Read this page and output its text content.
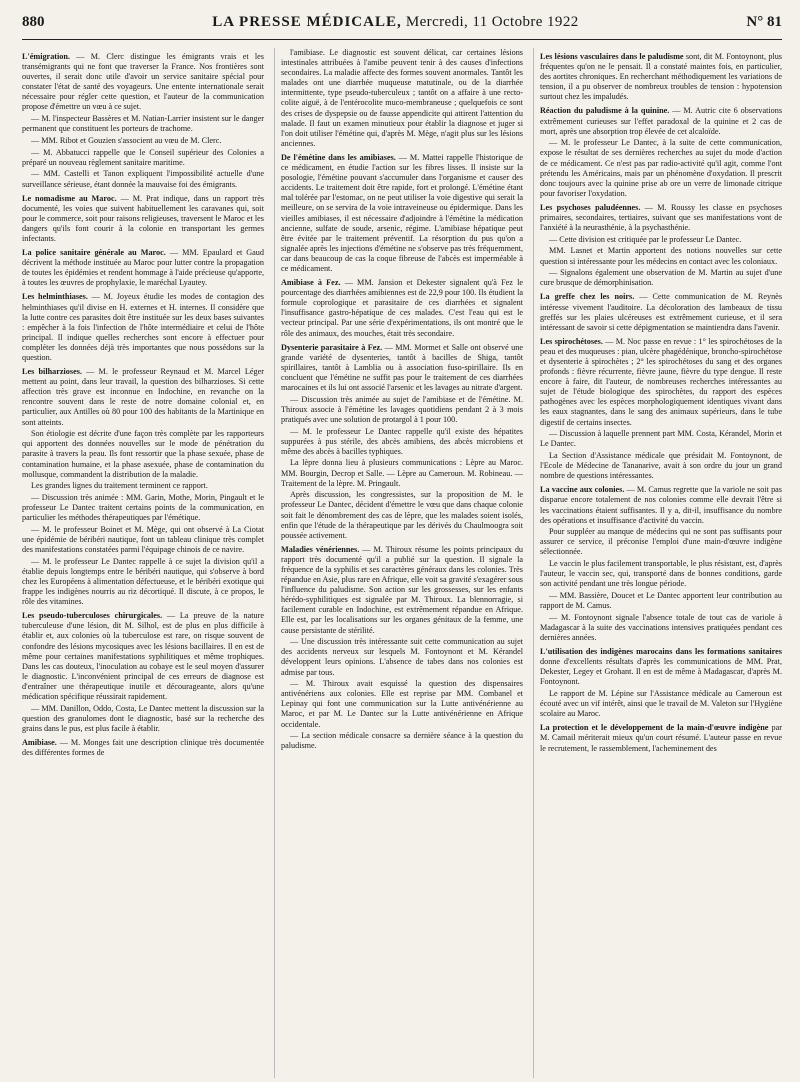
880	LA PRESSE MÉDICALE, Mercredi, 11 Octobre 1922	N° 81

L'émigration. — M. Clerc distingue les émigrants vrais et les transémigrants qui ne font que traverser la France. Nos frontières sont ouvertes, il serait donc utile d'avoir un service sanitaire spécial pour constater l'état de santé des voyageurs. Une entente internationale serait nécessaire pour régler cette question, et l'auteur de la communication propose d'émettre un vœu à ce sujet.

— M. l'inspecteur Bassères et M. Natian-Larrier insistent sur le danger permanent que constituent les porteurs de trachome.

— MM. Ribot et Gouzien s'associent au vœu de M. Clerc.

— M. Abbatucci rappelle que le Conseil supérieur des Colonies a préparé un nouveau règlement sanitaire maritime.

— MM. Castelli et Tanon expliquent l'impossibilité actuelle d'une surveillance sérieuse, étant donnée la mauvaise foi des émigrants.

Le nomadisme au Maroc. — M. Prat indique, dans un rapport très documenté, les voies que suivent habituellement les caravanes qui, soit pour le commerce, soit pour raisons religieuses, traversent le Maroc et les dangers qu'ils font courir à la colonie en transportant les germes infectants.

La police sanitaire générale au Maroc. — MM. Epaulard et Gaud décrivent la méthode instituée au Maroc pour lutter contre la propagation de toutes les épidémies et rendent hommage à l'aide précieuse qu'apporte, à toutes les œuvres de prophylaxie, le maréchal Lyautey.

Les helminthiases. — M. Joyeux étudie les modes de contagion des helminthiases qu'il divise en H. externes et H. internes. Il considère que la lutte contre ces parasites doit être instituée sur les deux bases suivantes : empêcher à la fois l'infection de l'hôte intermédiaire et celui de l'hôte principal. Il indique quelles recherches sont encore à effectuer pour compléter les données déjà très importantes que nous possédons sur la question.

Les bilharzioses. — M. le professeur Reynaud et M. Marcel Léger mettent au point, dans leur travail, la question des bilharzioses. Si cette affection très grave est inconnue en Indochine, en revanche on la rencontre souvent dans le reste de notre domaine colonial et, en particulier, aux Antilles où 80 pour 100 des habitants de la Martinique en sont atteints.

Son étiologie est décrite d'une façon très complète par les rapporteurs qui apportent des données nouvelles sur le mode de pénétration du parasite à travers la peau. Ils font ressortir que la phase sexuée, phase de contamination humaine, et la phase asexuée, phase de contamination du mollusque, commandent la distribution de la maladie.

Les grandes lignes du traitement terminent ce rapport.

— Discussion très animée : MM. Garin, Mothe, Morin, Pingault et le professeur Le Dantec traitent certains points de la communication, en particulier les méthodes thérapeutiques par l'émétique.

— M. le professeur Boinet et M. Mège, qui ont observé à La Ciotat une épidémie de béribéri nautique, font un tableau clinique très complet des manifestations constatées parmi l'équipage chinois de ce navire.

— M. le professeur Le Dantec rappelle à ce sujet la division qu'il a établie depuis longtemps entre le béribéri nautique, qui s'observe à bord chez les Européens à alimentation défectueuse, et le béribéri exotique qui frappe les indigènes nourris au riz décortiqué. Il discute, à ce propos, le rôle des vitamines.

Les pseudo-tuberculoses chirurgicales. — La preuve de la nature tuberculeuse d'une lésion, dit M. Silhol, est de plus en plus difficile à établir et, aux colonies où la tuberculose est rare, on risque souvent de confondre des lésions mycosiques avec les lésions bacillaires. Il en est de même pour certaines manifestations syphilitiques et même trophiques. Dans les cas douteux, l'inoculation au cobaye est le seul moyen d'assurer le diagnostic. L'inconvénient principal de ces erreurs de diagnose est d'entraîner une thérapeutique inutile et décourageante, alors qu'une médication spécifique réussirait rapidement.

— MM. Danillon, Oddo, Costa, Le Dantec mettent la discussion sur la question des granulomes dont le diagnostic, basé sur la recherche des grains dans le pus, est plus facile à établir.

Amibiase. — M. Monges fait une description clinique très documentée des différentes formes de

l'amibiase. Le diagnostic est souvent délicat, car certaines lésions intestinales attribuées à l'amibe peuvent tenir à des causes d'infections secondaires. La maladie affecte des formes souvent anormales. Tantôt les malades ont une diarrhée muqueuse matutinale, ou de la diarrhée intermittente, type pseudo-tuberculeux ; tantôt on a affaire à une recto-colite aiguë, à de l'entérocolite muco-membraneuse ; quelquefois ce sont des crises de dyspepsie ou de fausse appendicite qui attirent l'attention du malade. Il faut un examen minutieux pour établir la diagnose et juger si l'on doit utiliser l'émétine qui, d'après M. Mège, n'agit plus sur les lésions anciennes.

De l'émétine dans les amibiases. — M. Mattei rappelle l'historique de ce médicament, en étudie l'action sur les fibres lisses. Il insiste sur la posologie, l'émétine pouvant s'accumuler dans l'organisme et causer des accidents. Le traitement doit être rapide, fort et prolongé. L'émétine étant mal tolérée par l'estomac, on ne peut utiliser la voie digestive qui serait la meilleure, on se servira de la voie intraveineuse ou épidermique. Dans les vieilles amibiases, il est nécessaire d'adjoindre à l'émétine la médication ancienne, sulfate de soude, arsenic, régime. L'amibiase hépatique peut être évitée par le traitement préventif. La résorption du pus qu'on a signalée après les injections d'émétine ne s'observe pas très fréquemment, car dans beaucoup de cas la coque fibreuse de l'abcès est imperméable à ce médicament.

Amibiase à Fez. — MM. Jansion et Dekester signalent qu'à Fez le pourcentage des diarrhées amibiennes est de 22,9 pour 100. Ils étudient la formule coprologique et parasitaire de ces diarrhées et signalent l'insuffisance gastro-hépatique de ces malades. C'est l'eau qui est le vecteur principal. Par une série d'expérimentations, ils ont montré que le rôle des animaux, des mouches, était très secondaire.

Dysenterie parasitaire à Fez. — MM. Mormet et Salle ont observé une grande variété de dysenteries, tantôt à bacilles de Shiga, tantôt spirillaires, tantôt à Lamblia ou à association fuso-spirillaire. Ils en concluent que l'émétine ne suffit pas pour le traitement de ces diarrhées marocaines et ils lui ont associé l'arsenic et les lavages au nitrate d'argent.

— Discussion très animée au sujet de l'amibiase et de l'émétine. M. Thiroux associe à l'émétine les lavages quotidiens pendant 2 à 3 mois pratiqués avec une solution de protargol à 1 pour 100.

— M. le professeur Le Dantec rappelle qu'il existe des hépatites suppurées à pus stérile, des abcès amibiens, des abcès microbiens et même des abcès à bacilles typhiques.

La lèpre donna lieu à plusieurs communications : Lèpre au Maroc. MM. Bourgin, Decrop et Salle. — Lèpre au Cameroun. M. Robineau. — Traitement de la lèpre. M. Pringault.

Après discussion, les congressistes, sur la proposition de M. le professeur Le Dantec, décident d'émettre le vœu que dans chaque colonie soit fait le dénombrement des cas de lèpre, que les malades soient isolés, enfin que l'étude de la thérapeutique par les dérivés du Chaulmoogra soit poussée activement.

Maladies vénériennes. — M. Thiroux résume les points principaux du rapport très documenté qu'il a publié sur la question. Il signale la fréquence de la syphilis et ses caractères généraux dans les colonies. Très répandue en Asie, plus rare en Afrique, elle voit sa gravité s'exagérer sous l'influence du paludisme. Son action sur les grossesses, sur les enfants hérédo-syphilitiques est signalée par M. Thiroux. La blennorragie, si facilement curable en Indochine, est extrêmement répandue en Afrique. Elle est, par les localisations sur les organes génitaux de la femme, une cause persistante de stérilité.

— Une discussion très intéressante suit cette communication au sujet des accidents nerveux sur lesquels M. Fontoynont et M. Kérandel développent leurs opinions. L'absence de tabes dans nos colonies est admise par tous.

— M. Thiroux avait esquissé la question des dispensaires antivénériens aux colonies. Elle est reprise par MM. Combanel et Lepinay qui font une communication sur la Lutte antivénérienne au Maroc, et par M. Le Dantec sur la Lutte antivénérienne en Afrique occidentale.

— La section médicale consacre sa dernière séance à la question du paludisme.

Les lésions vasculaires dans le paludisme sont, dit M. Fontoynont, plus fréquentes qu'on ne le pensait. Il a constaté maintes fois, en particulier, des aortites chroniques. En recherchant méthodiquement les variations de tension, il a pu observer de nombreux troubles de tension : hypotension surtout chez les impaludés.

Réaction du paludisme à la quinine. — M. Autric cite 6 observations extrêmement curieuses sur l'effet paradoxal de la quinine et 2 cas de mort, après une absorption trop élevée de cet alcaloïde.

— M. le professeur Le Dantec, à la suite de cette communication, expose le résultat de ses dernières recherches au sujet du mode d'action de ce médicament. Ce n'est pas par radio-activité qu'il agit, comme l'ont prétendu les Américains, mais par un phénomène d'oxydation. Il prescrit donc toujours avec la quinine prise ab ore un verre de limonade citrique pour favoriser l'oxydation.

Les psychoses paludéennes. — M. Roussy les classe en psychoses primaires, secondaires, tertiaires, suivant que ses manifestations vont de l'anxiété à la neurasthénie, à la psychasthénie.

— Cette division est critiquée par le professeur Le Dantec.

MM. Lasnet et Martin apportent des notions nouvelles sur cette question si intéressante pour les médecins en contact avec les coloniaux.

— Signalons également une observation de M. Martin au sujet d'une cure brusque de démorphinisation.

La greffe chez les noirs. — Cette communication de M. Reynès intéresse vivement l'auditoire. La décoloration des lambeaux de tissu greffés sur les plaies ulcéreuses est extrêmement curieuse, et il sera intéressant de savoir si cette dépigmentation se maintiendra dans l'avenir.

Les spirochétoses. — M. Noc passe en revue : 1° les spirochétoses de la peau et des muqueuses : pian, ulcère phagédénique, broncho-spirochétose et dysenterie à spirochètes ; 2° les spirochétoses du sang et des organes profonds : fièvre récurrente, fièvre jaune, fièvre du type dengue. Il reste encore à faire, dit l'auteur, de nombreuses recherches intéressantes au sujet de l'étude biologique des spirochètes, du rapport des espèces pathogènes avec les espèces morphologiquement identiques vivant dans les eaux stagnantes, dans le sang des animaux supérieurs, dans le tube digestif de certains insectes.

— Discussion à laquelle prennent part MM. Costa, Kérandel, Morin et Le Dantec.

La Section d'Assistance médicale que présidait M. Fontoynont, de l'Ecole de Médecine de Tananarive, avait à son ordre du jour un grand nombre de questions intéressantes.

La vaccine aux colonies. — M. Camus regrette que la variole ne soit pas disparue encore totalement de nos colonies comme elle devrait l'être si les vaccinations étaient suffisantes. Il y a, dit-il, insuffisance du nombre des opérations et insuffisance d'activité du vaccin.

Pour suppléer au manque de médecins qui ne sont pas suffisants pour assurer ce service, il préconise l'emploi d'une main-d'œuvre indigène sélectionnée.

Le vaccin le plus facilement transportable, le plus résistant, est, d'après l'auteur, le vaccin sec, qui, transporté dans de bonnes conditions, garde son activité pendant une très longue période.

— MM. Bassière, Doucet et Le Dantec apportent leur contribution au rapport de M. Camus.

— M. Fontoynont signale l'absence totale de tout cas de variole à Madagascar à la suite des vaccinations intensives pratiquées pendant ces dernières années.

L'utilisation des indigènes marocains dans les formations sanitaires donne d'excellents résultats d'après les communications de MM. Prat, Dekester, Legey et Grohant. Il en est de même à Madagascar, d'après M. Fontoynont.

Le rapport de M. Lépine sur l'Assistance médicale au Cameroun est écouté avec un vif intérêt, ainsi que le travail de M. Valeton sur l'Hygiène scolaire au Maroc.

La protection et le développement de la main-d'œuvre indigène par M. Camail mériterait mieux qu'un court résumé. L'auteur passe en revue le recrutement, le rassemblement, l'acheminement des
